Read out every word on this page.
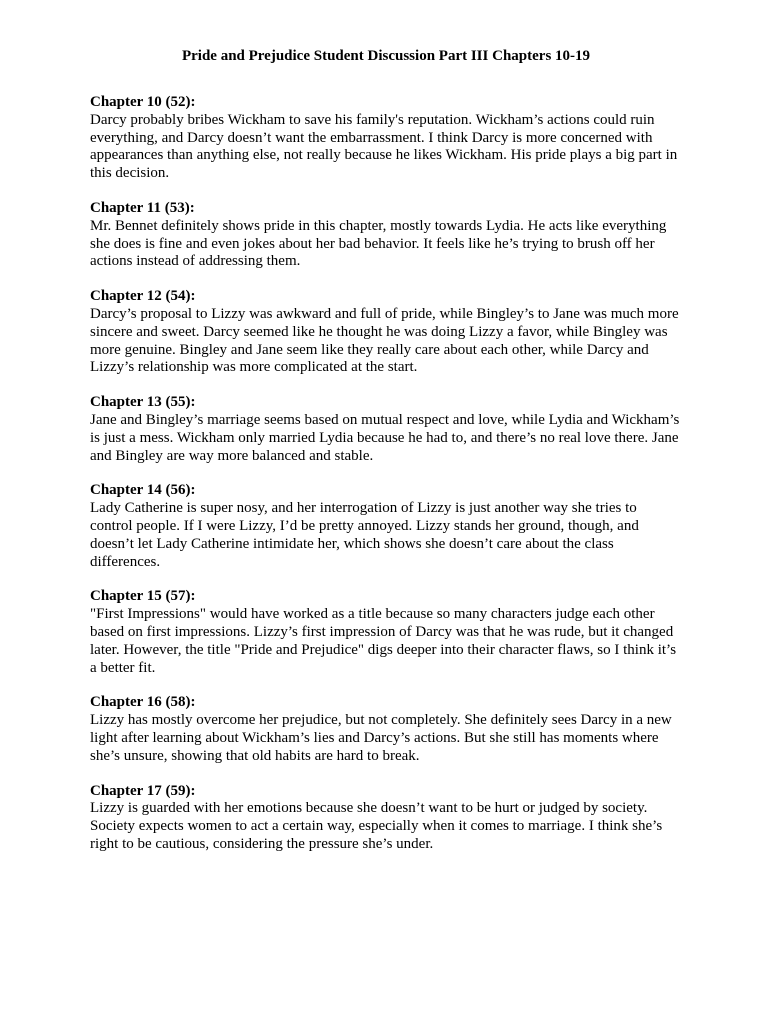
Pride and Prejudice Student Discussion Part III Chapters 10-19

Chapter 10 (52):

Darcy probably bribes Wickham to save his family's reputation. Wickham’s actions could ruin everything, and Darcy doesn’t want the embarrassment. I think Darcy is more concerned with appearances than anything else, not really because he likes Wickham. His pride plays a big part in this decision.

Chapter 11 (53):

Mr. Bennet definitely shows pride in this chapter, mostly towards Lydia. He acts like everything she does is fine and even jokes about her bad behavior. It feels like he’s trying to brush off her actions instead of addressing them.

Chapter 12 (54):

Darcy’s proposal to Lizzy was awkward and full of pride, while Bingley’s to Jane was much more sincere and sweet. Darcy seemed like he thought he was doing Lizzy a favor, while Bingley was more genuine. Bingley and Jane seem like they really care about each other, while Darcy and Lizzy’s relationship was more complicated at the start.

Chapter 13 (55):

Jane and Bingley’s marriage seems based on mutual respect and love, while Lydia and Wickham’s is just a mess. Wickham only married Lydia because he had to, and there’s no real love there. Jane and Bingley are way more balanced and stable.

Chapter 14 (56):

Lady Catherine is super nosy, and her interrogation of Lizzy is just another way she tries to control people. If I were Lizzy, I’d be pretty annoyed. Lizzy stands her ground, though, and doesn’t let Lady Catherine intimidate her, which shows she doesn’t care about the class differences.

Chapter 15 (57):

"First Impressions" would have worked as a title because so many characters judge each other based on first impressions. Lizzy’s first impression of Darcy was that he was rude, but it changed later. However, the title "Pride and Prejudice" digs deeper into their character flaws, so I think it’s a better fit.

Chapter 16 (58):

Lizzy has mostly overcome her prejudice, but not completely. She definitely sees Darcy in a new light after learning about Wickham’s lies and Darcy’s actions. But she still has moments where she’s unsure, showing that old habits are hard to break.

Chapter 17 (59):

Lizzy is guarded with her emotions because she doesn’t want to be hurt or judged by society. Society expects women to act a certain way, especially when it comes to marriage. I think she’s right to be cautious, considering the pressure she’s under.
